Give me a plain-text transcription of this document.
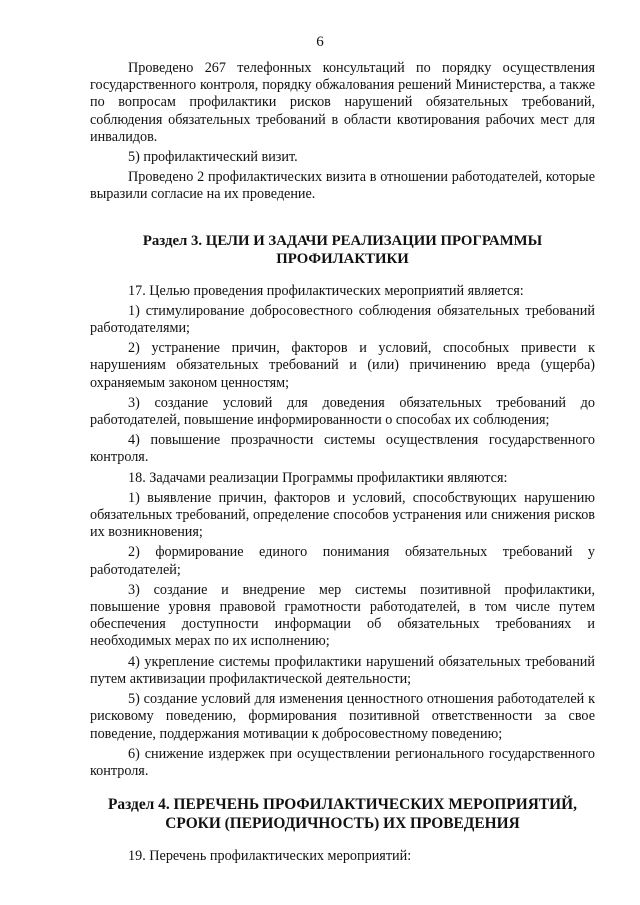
6

Проведено 267 телефонных консультаций по порядку осуществления государственного контроля, порядку обжалования решений Министерства, а также по вопросам профилактики рисков нарушений обязательных требований, соблюдения обязательных требований в области квотирования рабочих мест для инвалидов.

5) профилактический визит.

Проведено 2 профилактических визита в отношении работодателей, которые выразили согласие на их проведение.

Раздел 3. ЦЕЛИ И ЗАДАЧИ РЕАЛИЗАЦИИ ПРОГРАММЫ

ПРОФИЛАКТИКИ

17. Целью проведения профилактических мероприятий является:

1) стимулирование добросовестного соблюдения обязательных требований работодателями;

2) устранение причин, факторов и условий, способных привести к нарушениям обязательных требований и (или) причинению вреда (ущерба) охраняемым законом ценностям;

3) создание условий для доведения обязательных требований до работодателей, повышение информированности о способах их соблюдения;

4) повышение прозрачности системы осуществления государственного контроля.

18. Задачами реализации Программы профилактики являются:

1) выявление причин, факторов и условий, способствующих нарушению обязательных требований, определение способов устранения или снижения рисков их возникновения;

2) формирование единого понимания обязательных требований у работодателей;

3) создание и внедрение мер системы позитивной профилактики, повышение уровня правовой грамотности работодателей, в том числе путем обеспечения доступности информации об обязательных требованиях и необходимых мерах по их исполнению;

4) укрепление системы профилактики нарушений обязательных требований путем активизации профилактической деятельности;

5) создание условий для изменения ценностного отношения работодателей к рисковому поведению, формирования позитивной ответственности за свое поведение, поддержания мотивации к добросовестному поведению;

6) снижение издержек при осуществлении регионального государственного контроля.

Раздел 4. ПЕРЕЧЕНЬ ПРОФИЛАКТИЧЕСКИХ МЕРОПРИЯТИЙ,

СРОКИ (ПЕРИОДИЧНОСТЬ) ИХ ПРОВЕДЕНИЯ

19. Перечень профилактических мероприятий:
